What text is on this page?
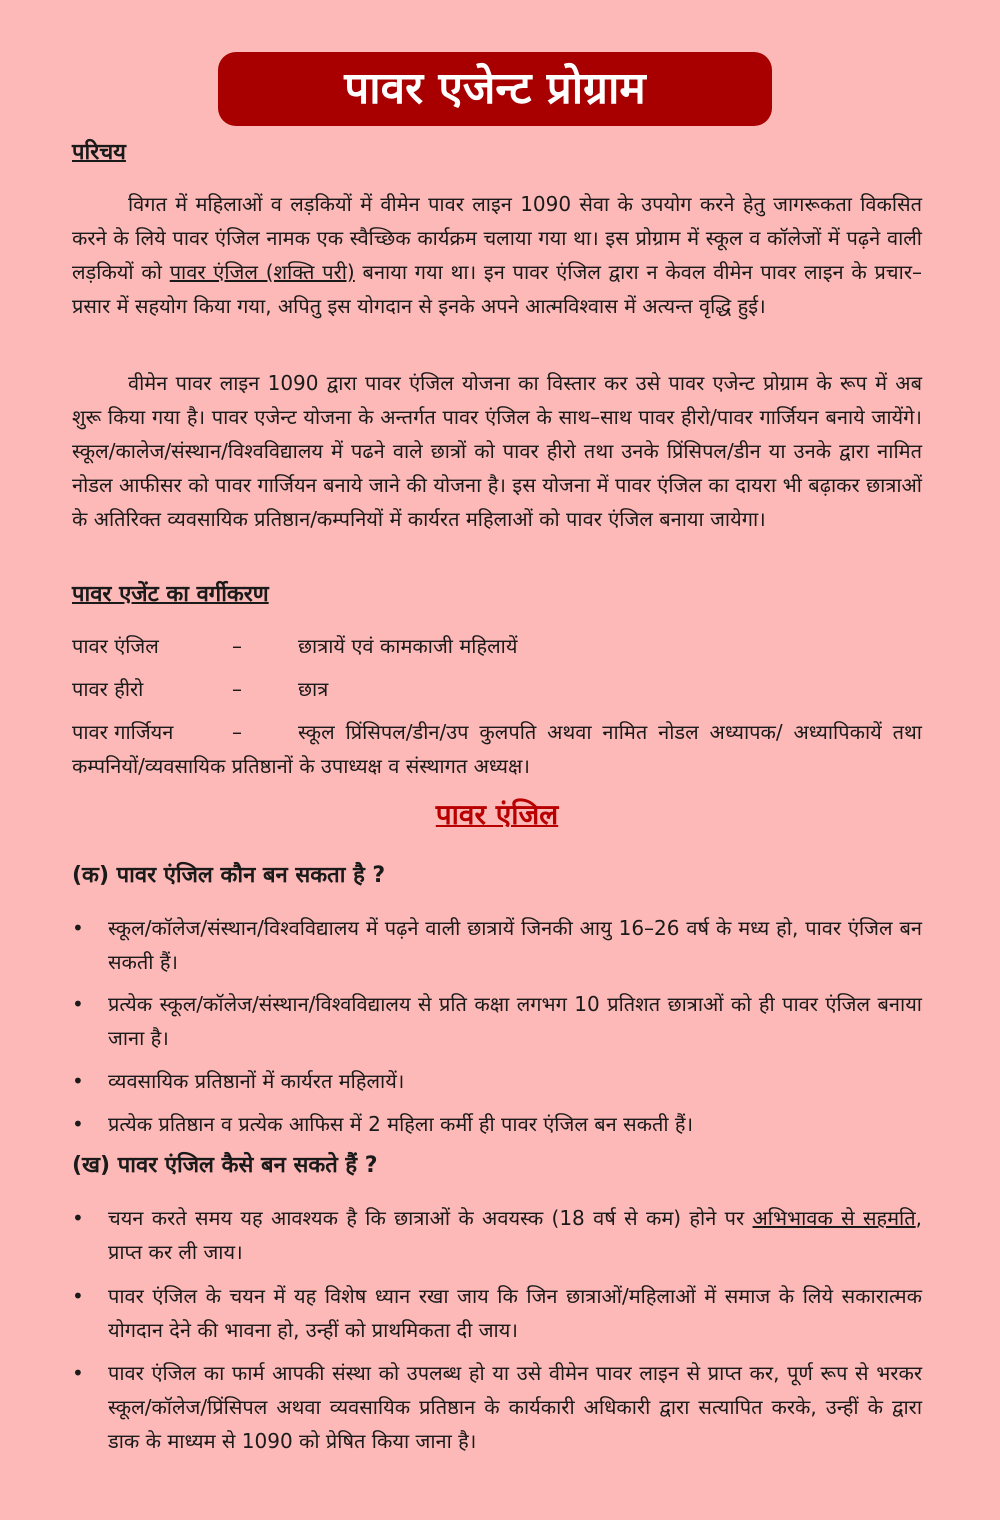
पावर एजेन्ट प्रोग्राम
परिचय

विगत में महिलाओं व लड़कियों में वीमेन पावर लाइन 1090 सेवा के उपयोग करने हेतु जागरूकता विकसित करने के लिये पावर एंजिल नामक एक स्वैच्छिक कार्यक्रम चलाया गया था। इस प्रोग्राम में स्कूल व कॉलेजों में पढ़ने वाली लड़कियों को पावर एंजिल (शक्ति परी) बनाया गया था। इन पावर एंजिल द्वारा न केवल वीमेन पावर लाइन के प्रचार–प्रसार में सहयोग किया गया, अपितु इस योगदान से इनके अपने आत्मविश्वास में अत्यन्त वृद्धि हुई।

वीमेन पावर लाइन 1090 द्वारा पावर एंजिल योजना का विस्तार कर उसे पावर एजेन्ट प्रोग्राम के रूप में अब शुरू किया गया है। पावर एजेन्ट योजना के अन्तर्गत पावर एंजिल के साथ–साथ पावर हीरो/पावर गार्जियन बनाये जायेंगे। स्कूल/कालेज/संस्थान/विश्वविद्यालय में पढने वाले छात्रों को पावर हीरो तथा उनके प्रिंसिपल/डीन या उनके द्वारा नामित नोडल आफीसर को पावर गार्जियन बनाये जाने की योजना है। इस योजना में पावर एंजिल का दायरा भी बढ़ाकर छात्राओं के अतिरिक्त व्यवसायिक प्रतिष्ठान/कम्पनियों में कार्यरत महिलाओं को पावर एंजिल बनाया जायेगा।

पावर एजेंट का वर्गीकरण
पावर एंजिल	–	छात्रायें एवं कामकाजी महिलायें
पावर हीरो	–	छात्र
पावर गार्जियन	–	स्कूल प्रिंसिपल/डीन/उप कुलपति अथवा नामित नोडल अध्यापक/ अध्यापिकायें तथा कम्पनियों/व्यवसायिक प्रतिष्ठानों के उपाध्यक्ष व संस्थागत अध्यक्ष।
पावर एंजिल
(क) पावर एंजिल कौन बन सकता है ?
• स्कूल/कॉलेज/संस्थान/विश्वविद्यालय में पढ़ने वाली छात्रायें जिनकी आयु 16–26 वर्ष के मध्य हो, पावर एंजिल बन सकती हैं।
• प्रत्येक स्कूल/कॉलेज/संस्थान/विश्वविद्यालय से प्रति कक्षा लगभग 10 प्रतिशत छात्राओं को ही पावर एंजिल बनाया जाना है।
• व्यवसायिक प्रतिष्ठानों में कार्यरत महिलायें।
• प्रत्येक प्रतिष्ठान व प्रत्येक आफिस में 2 महिला कर्मी ही पावर एंजिल बन सकती हैं।
(ख) पावर एंजिल कैसे बन सकते हैं ?
• चयन करते समय यह आवश्यक है कि छात्राओं के अवयस्क (18 वर्ष से कम) होने पर अभिभावक से सहमति, प्राप्त कर ली जाय।
• पावर एंजिल के चयन में यह विशेष ध्यान रखा जाय कि जिन छात्राओं/महिलाओं में समाज के लिये सकारात्मक योगदान देने की भावना हो, उन्हीं को प्राथमिकता दी जाय।
• पावर एंजिल का फार्म आपकी संस्था को उपलब्ध हो या उसे वीमेन पावर लाइन से प्राप्त कर, पूर्ण रूप से भरकर स्कूल/कॉलेज/प्रिंसिपल अथवा व्यवसायिक प्रतिष्ठान के कार्यकारी अधिकारी द्वारा सत्यापित करके, उन्हीं के द्वारा डाक के माध्यम से 1090 को प्रेषित किया जाना है।
